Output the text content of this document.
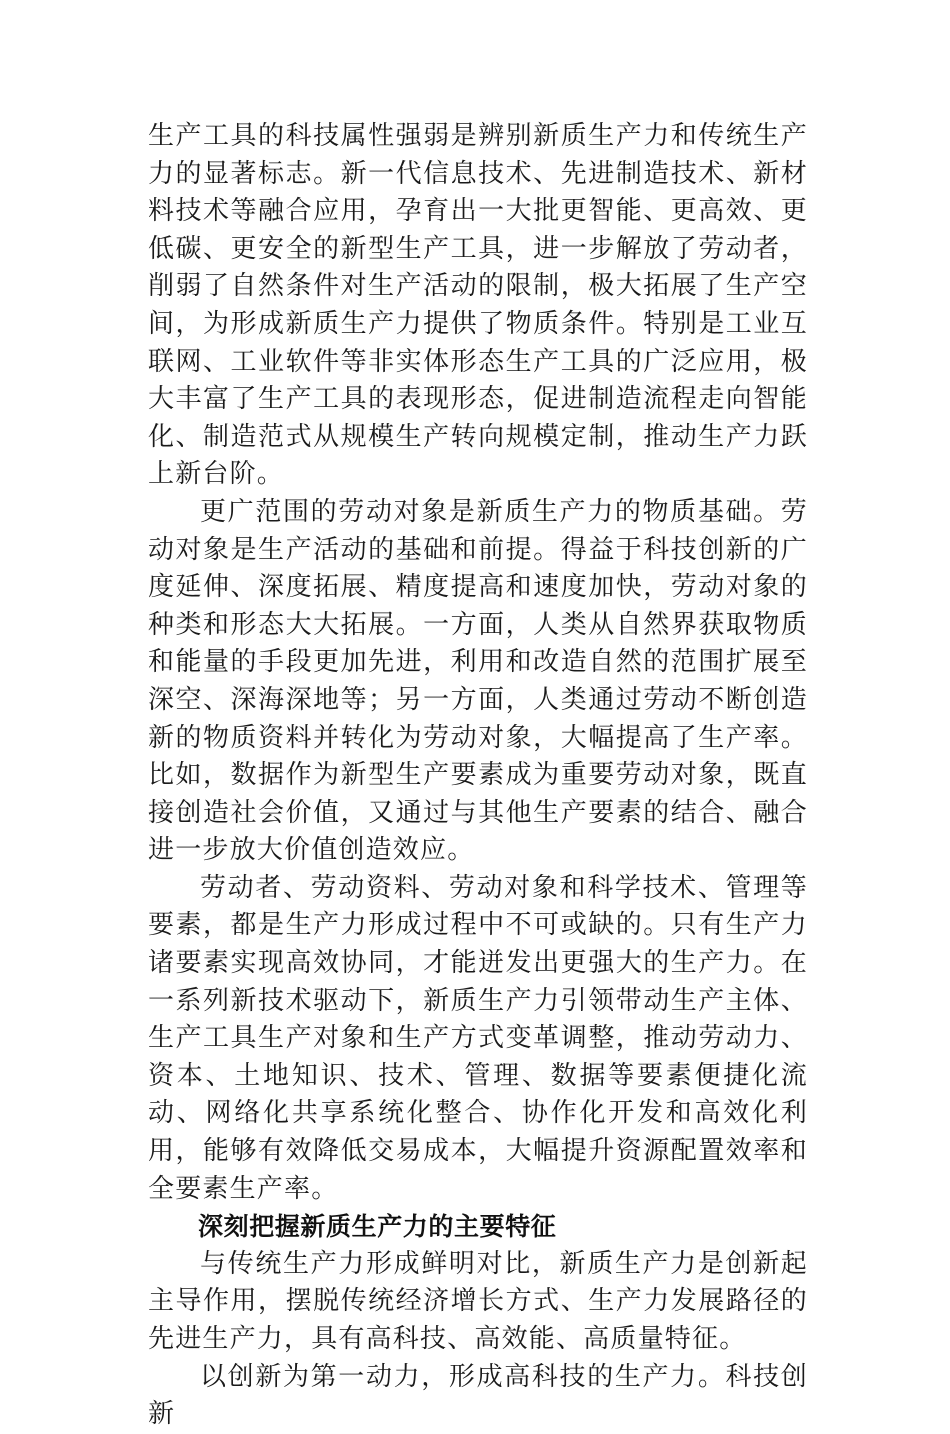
生产工具的科技属性强弱是辨别新质生产力和传统生产力的显著标志。新一代信息技术、先进制造技术、新材料技术等融合应用，孕育出一大批更智能、更高效、更低碳、更安全的新型生产工具，进一步解放了劳动者，削弱了自然条件对生产活动的限制，极大拓展了生产空间，为形成新质生产力提供了物质条件。特别是工业互联网、工业软件等非实体形态生产工具的广泛应用，极大丰富了生产工具的表现形态，促进制造流程走向智能化、制造范式从规模生产转向规模定制，推动生产力跃上新台阶。

更广范围的劳动对象是新质生产力的物质基础。劳动对象是生产活动的基础和前提。得益于科技创新的广度延伸、深度拓展、精度提高和速度加快，劳动对象的种类和形态大大拓展。一方面，人类从自然界获取物质和能量的手段更加先进，利用和改造自然的范围扩展至深空、深海深地等；另一方面，人类通过劳动不断创造新的物质资料并转化为劳动对象，大幅提高了生产率。比如，数据作为新型生产要素成为重要劳动对象，既直接创造社会价值，又通过与其他生产要素的结合、融合进一步放大价值创造效应。

劳动者、劳动资料、劳动对象和科学技术、管理等要素，都是生产力形成过程中不可或缺的。只有生产力诸要素实现高效协同，才能迸发出更强大的生产力。在一系列新技术驱动下，新质生产力引领带动生产主体、生产工具生产对象和生产方式变革调整，推动劳动力、资本、土地知识、技术、管理、数据等要素便捷化流动、网络化共享系统化整合、协作化开发和高效化利用，能够有效降低交易成本，大幅提升资源配置效率和全要素生产率。

深刻把握新质生产力的主要特征

与传统生产力形成鲜明对比，新质生产力是创新起主导作用，摆脱传统经济增长方式、生产力发展路径的先进生产力，具有高科技、高效能、高质量特征。

以创新为第一动力，形成高科技的生产力。科技创新
